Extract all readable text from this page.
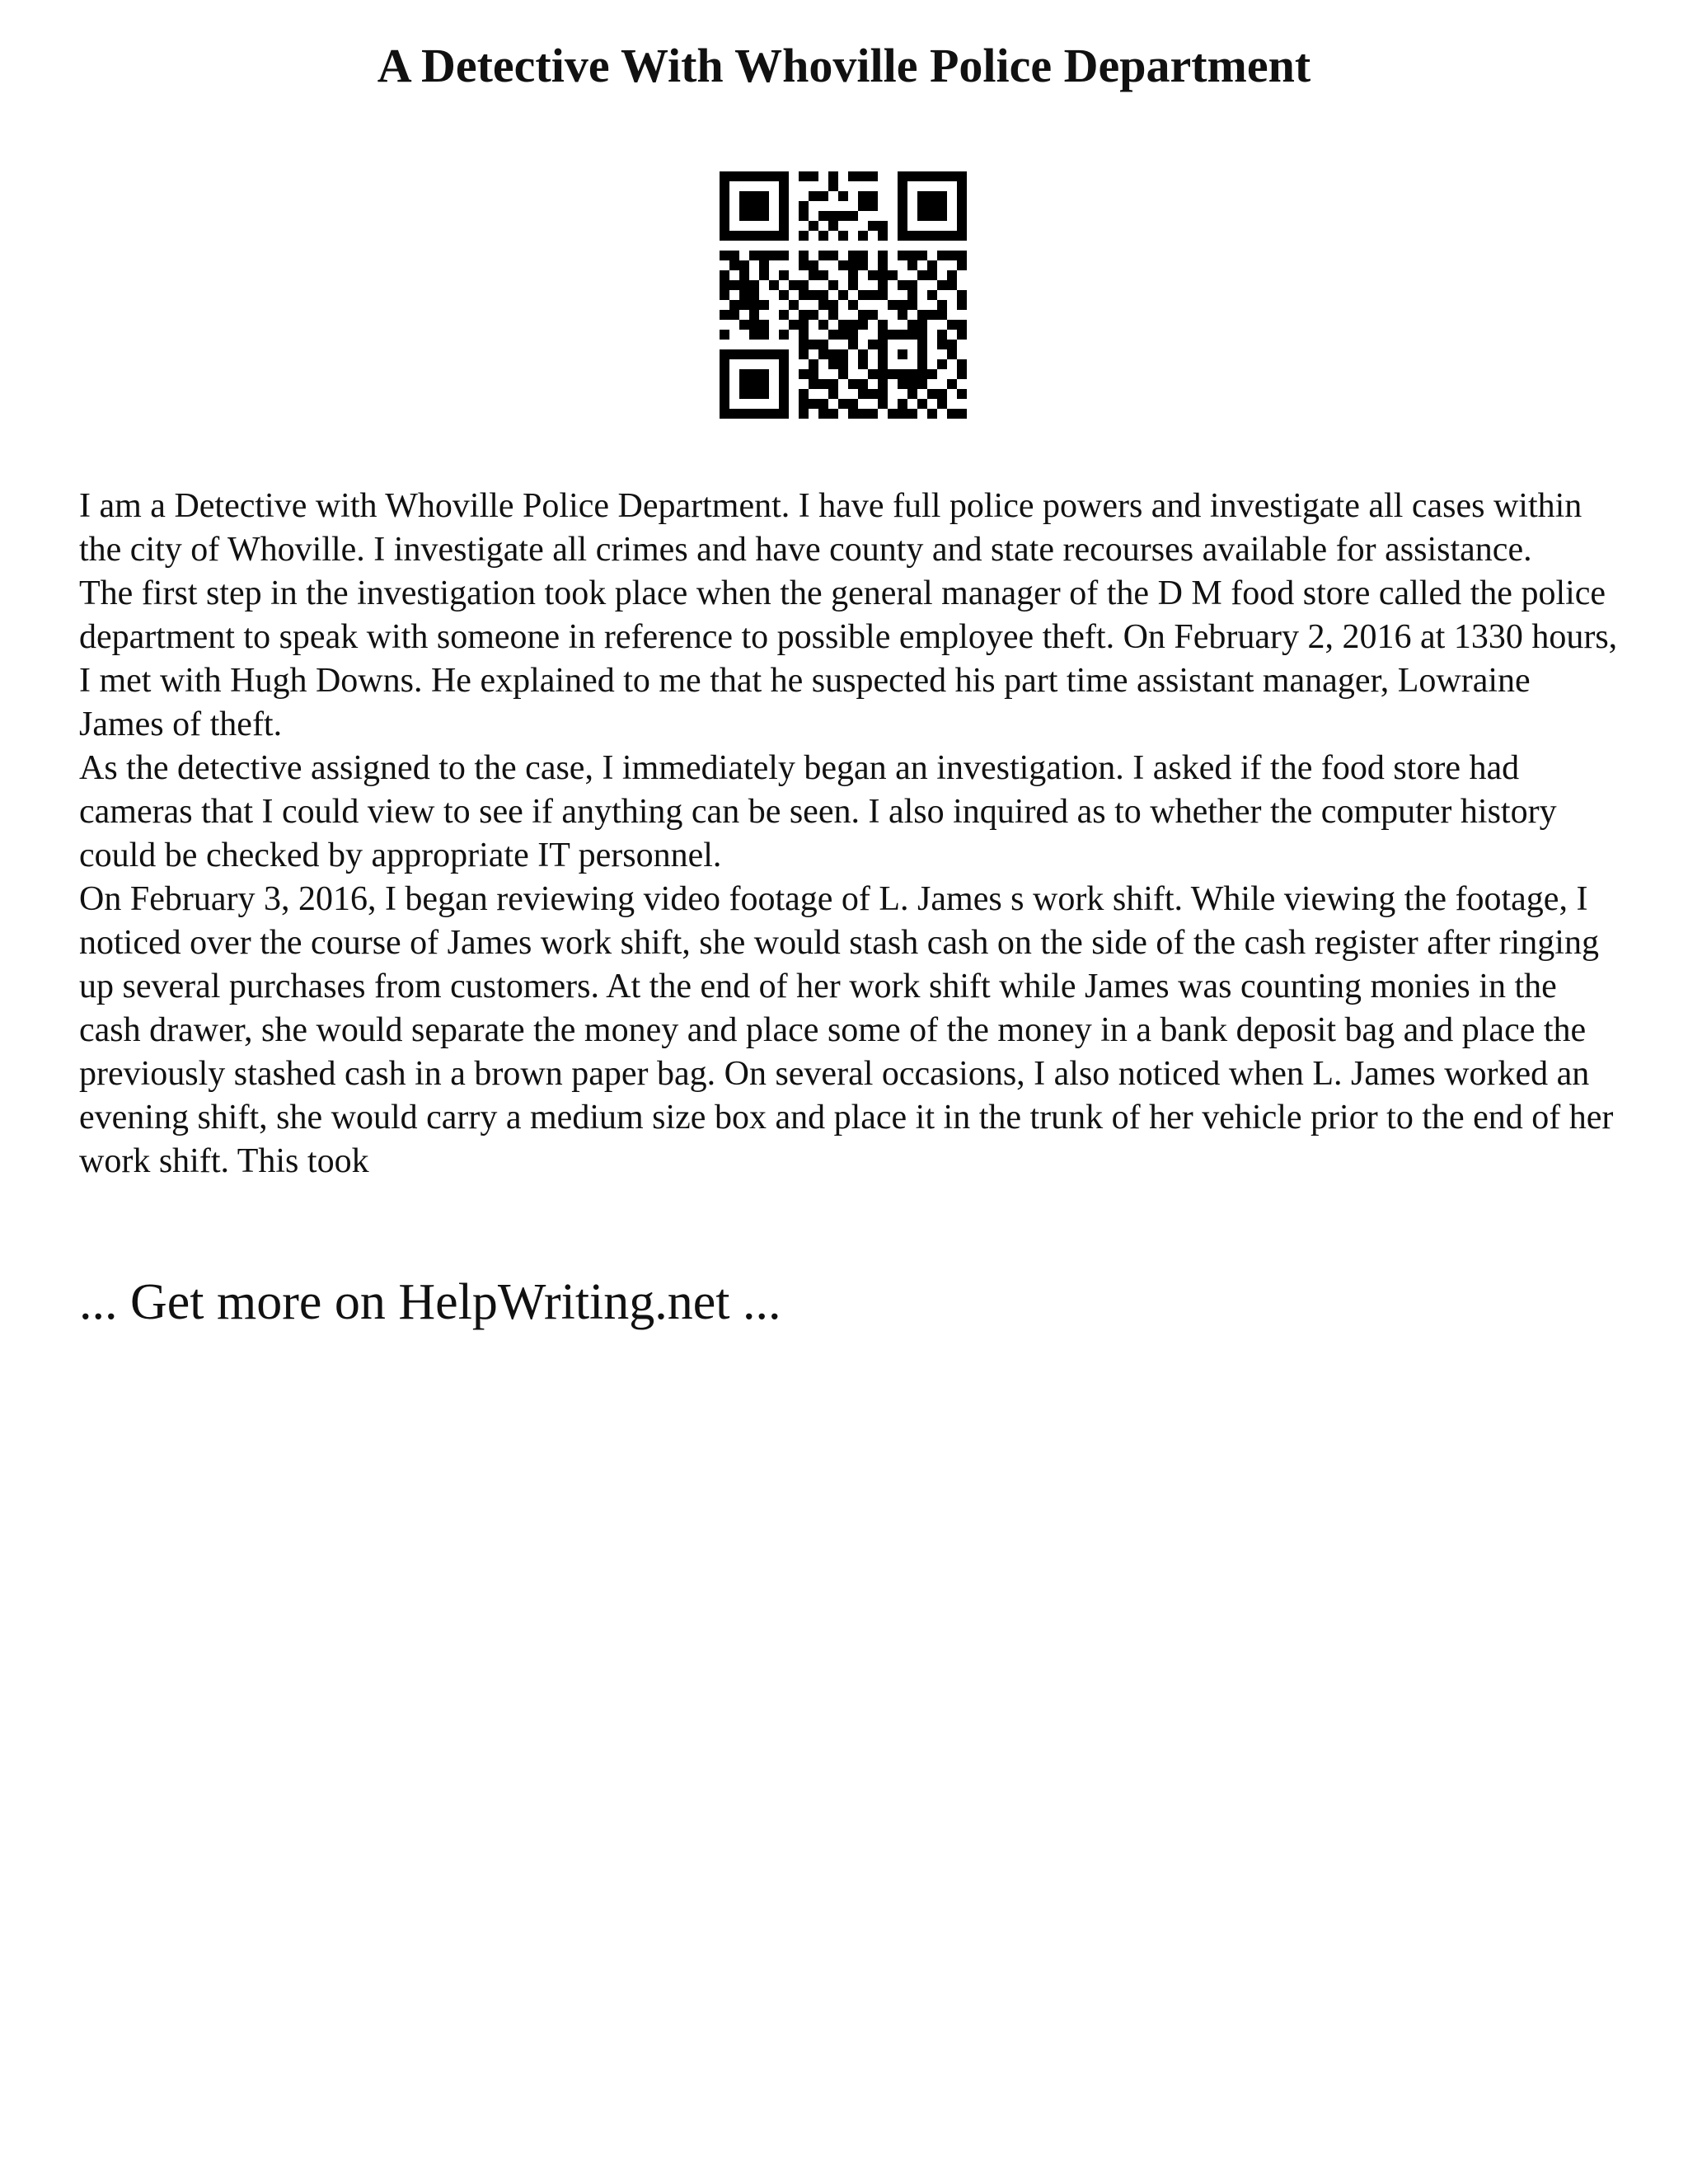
A Detective With Whoville Police Department

I am a Detective with Whoville Police Department. I have full police powers and investigate all cases within the city of Whoville. I investigate all crimes and have county and state recourses available for assistance.

The first step in the investigation took place when the general manager of the D M food store called the police department to speak with someone in reference to possible employee theft. On February 2, 2016 at 1330 hours, I met with Hugh Downs. He explained to me that he suspected his part time assistant manager, Lowraine James of theft.

As the detective assigned to the case, I immediately began an investigation. I asked if the food store had cameras that I could view to see if anything can be seen. I also inquired as to whether the computer history could be checked by appropriate IT personnel.

On February 3, 2016, I began reviewing video footage of L. James s work shift. While viewing the footage, I noticed over the course of James work shift, she would stash cash on the side of the cash register after ringing up several purchases from customers. At the end of her work shift while James was counting monies in the cash drawer, she would separate the money and place some of the money in a bank deposit bag and place the previously stashed cash in a brown paper bag. On several occasions, I also noticed when L. James worked an evening shift, she would carry a medium size box and place it in the trunk of her vehicle prior to the end of her work shift. This took

... Get more on HelpWriting.net ...
